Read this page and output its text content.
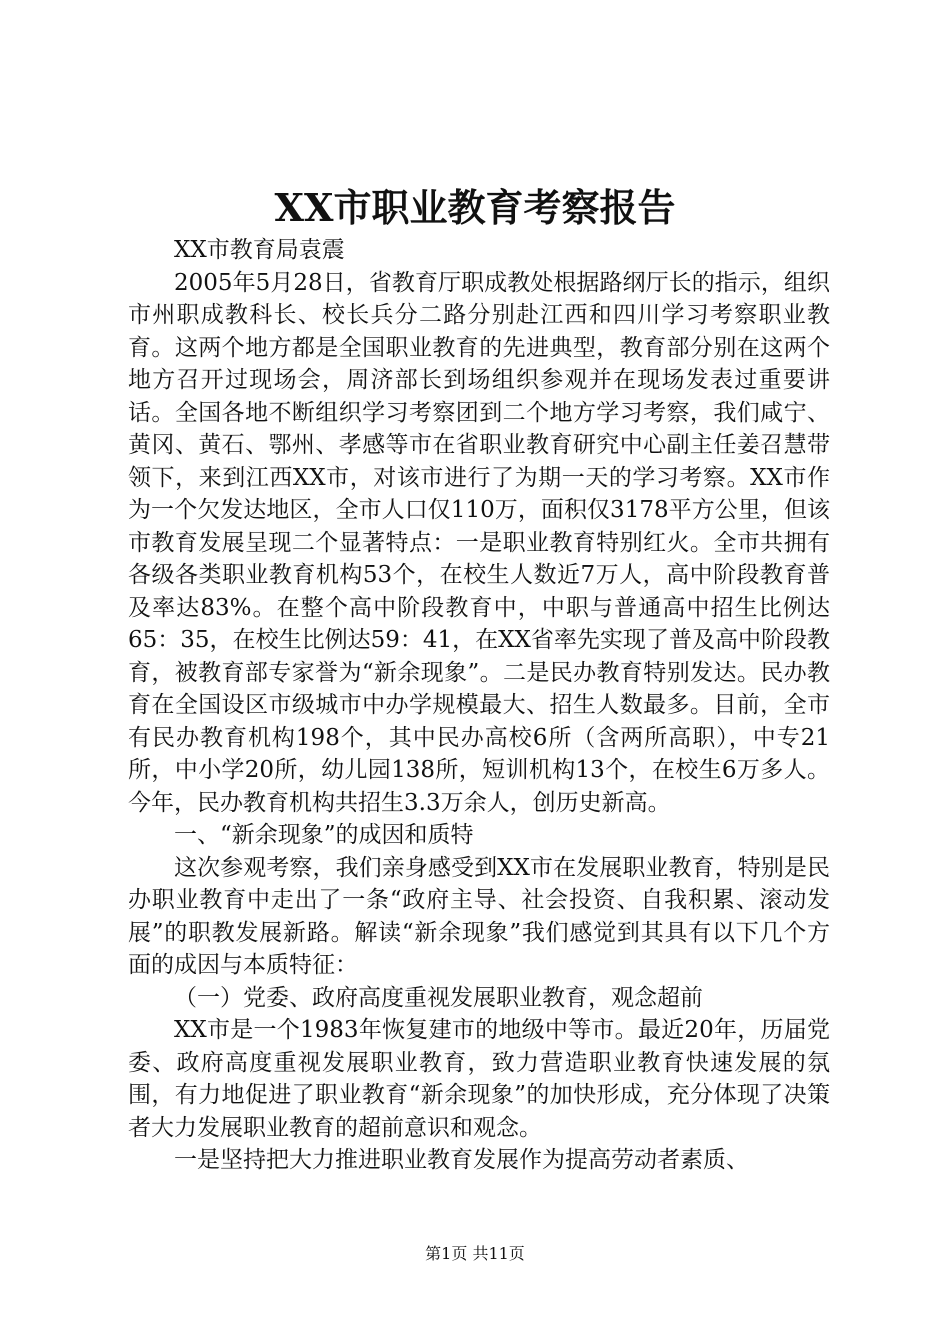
XX市职业教育考察报告

XX市教育局袁震

2005年5月28日，省教育厅职成教处根据路纲厅长的指示，组织市州职成教科长、校长兵分二路分别赴江西和四川学习考察职业教育。这两个地方都是全国职业教育的先进典型，教育部分别在这两个地方召开过现场会，周济部长到场组织参观并在现场发表过重要讲话。全国各地不断组织学习考察团到二个地方学习考察，我们咸宁、黄冈、黄石、鄂州、孝感等市在省职业教育研究中心副主任姜召慧带领下，来到江西XX市，对该市进行了为期一天的学习考察。XX市作为一个欠发达地区，全市人口仅110万，面积仅3178平方公里，但该市教育发展呈现二个显著特点：一是职业教育特别红火。全市共拥有各级各类职业教育机构53个，在校生人数近7万人，高中阶段教育普及率达83%。在整个高中阶段教育中，中职与普通高中招生比例达65：35，在校生比例达59：41，在XX省率先实现了普及高中阶段教育，被教育部专家誉为“新余现象”。二是民办教育特别发达。民办教育在全国设区市级城市中办学规模最大、招生人数最多。目前，全市有民办教育机构198个，其中民办高校6所（含两所高职），中专21所，中小学20所，幼儿园138所，短训机构13个，在校生6万多人。今年，民办教育机构共招生3.3万余人，创历史新高。

一、“新余现象”的成因和质特

这次参观考察，我们亲身感受到XX市在发展职业教育，特别是民办职业教育中走出了一条“政府主导、社会投资、自我积累、滚动发展”的职教发展新路。解读“新余现象”我们感觉到其具有以下几个方面的成因与本质特征：

（一）党委、政府高度重视发展职业教育，观念超前

XX市是一个1983年恢复建市的地级中等市。最近20年，历届党委、政府高度重视发展职业教育，致力营造职业教育快速发展的氛围，有力地促进了职业教育“新余现象”的加快形成，充分体现了决策者大力发展职业教育的超前意识和观念。

一是坚持把大力推进职业教育发展作为提高劳动者素质、

第1页 共11页
